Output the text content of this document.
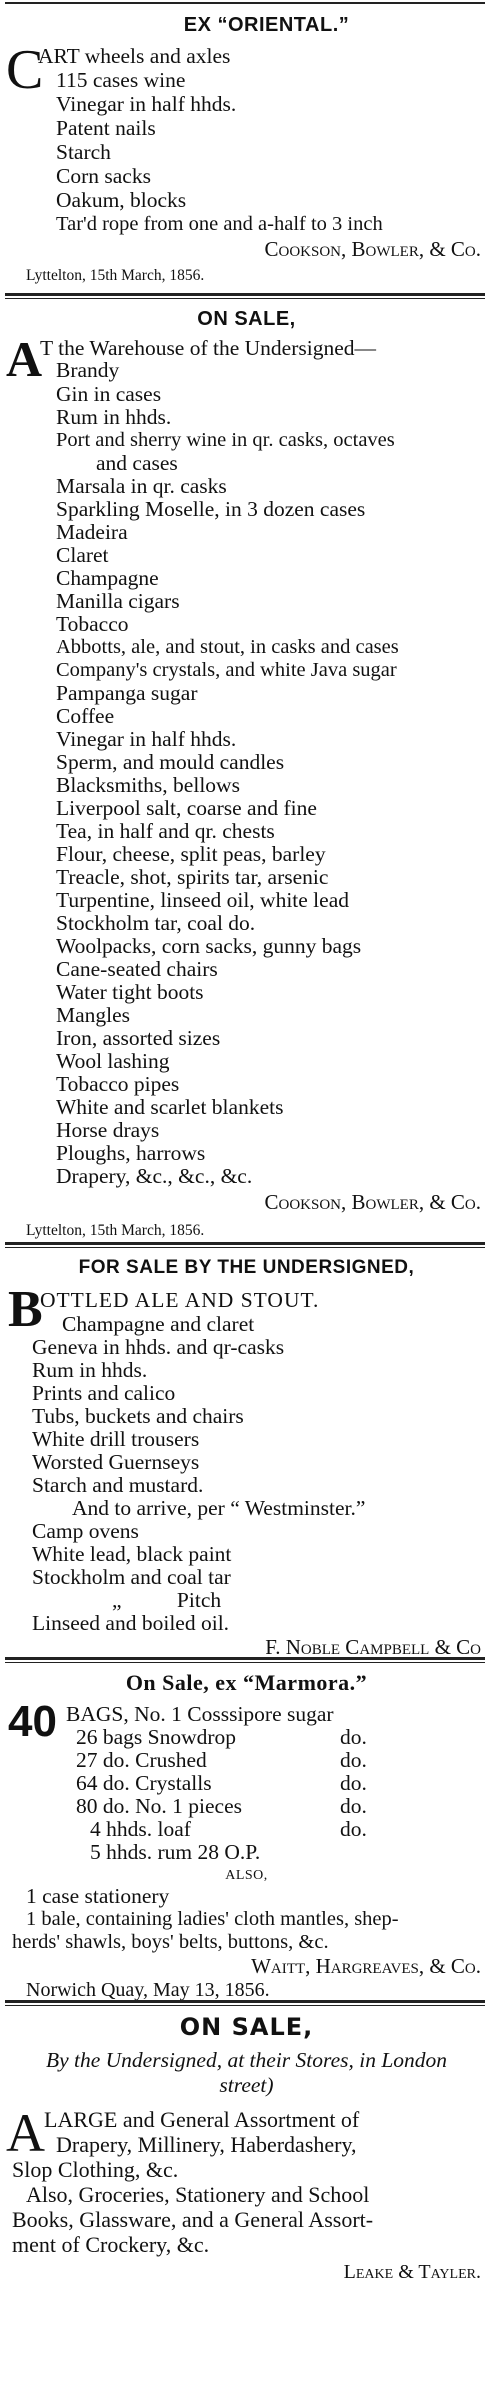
EX “ORIENTAL.”
C
ART wheels and axles
115 cases wine
Vinegar in half hhds.
Patent nails
Starch
Corn sacks
Oakum, blocks
Tar'd rope from one and a-half to 3 inch
Cookson, Bowler, & Co.
Lyttelton, 15th March, 1856.
ON SALE,
A
T the Warehouse of the Undersigned—
Brandy
Gin in cases
Rum in hhds.
Port and sherry wine in qr. casks, octaves
and cases
Marsala in qr. casks
Sparkling Moselle, in 3 dozen cases
Madeira
Claret
Champagne
Manilla cigars
Tobacco
Abbotts, ale, and stout, in casks and cases
Company's crystals, and white Java sugar
Pampanga sugar
Coffee
Vinegar in half hhds.
Sperm, and mould candles
Blacksmiths, bellows
Liverpool salt, coarse and fine
Tea, in half and qr. chests
Flour, cheese, split peas, barley
Treacle, shot, spirits tar, arsenic
Turpentine, linseed oil, white lead
Stockholm tar, coal do.
Woolpacks, corn sacks, gunny bags
Cane-seated chairs
Water tight boots
Mangles
Iron, assorted sizes
Wool lashing
Tobacco pipes
White and scarlet blankets
Horse drays
Ploughs, harrows
Drapery, &c., &c., &c.
Cookson, Bowler, & Co.
Lyttelton, 15th March, 1856.
FOR SALE BY THE UNDERSIGNED,
B
OTTLED ALE AND STOUT.
Champagne and claret
Geneva in hhds. and qr-casks
Rum in hhds.
Prints and calico
Tubs, buckets and chairs
White drill trousers
Worsted Guernseys
Starch and mustard.
And to arrive, per “ Westminster.”
Camp ovens
White lead, black paint
Stockholm and coal tar
„ Pitch
Linseed and boiled oil.
F. Noble Campbell & Co
On Sale, ex “Marmora.”
40 BAGS, No. 1 Cosssipore sugar
26 bags Snowdrop	do.
27 do. Crushed	do.
64 do. Crystalls	do.
80 do. No. 1 pieces	do.
4 hhds. loaf	do.
5 hhds. rum 28 O.P.
ALSO,
1 case stationery
1 bale, containing ladies' cloth mantles, shep-
herds' shawls, boys' belts, buttons, &c.
Waitt, Hargreaves, & Co.
Norwich Quay, May 13, 1856.
ON SALE,
By the Undersigned, at their Stores, in London street)
A LARGE and General Assortment of
Drapery, Millinery, Haberdashery,
Slop Clothing, &c.
Also, Groceries, Stationery and School
Books, Glassware, and a General Assort-
ment of Crockery, &c.
Leake & Tayler.
